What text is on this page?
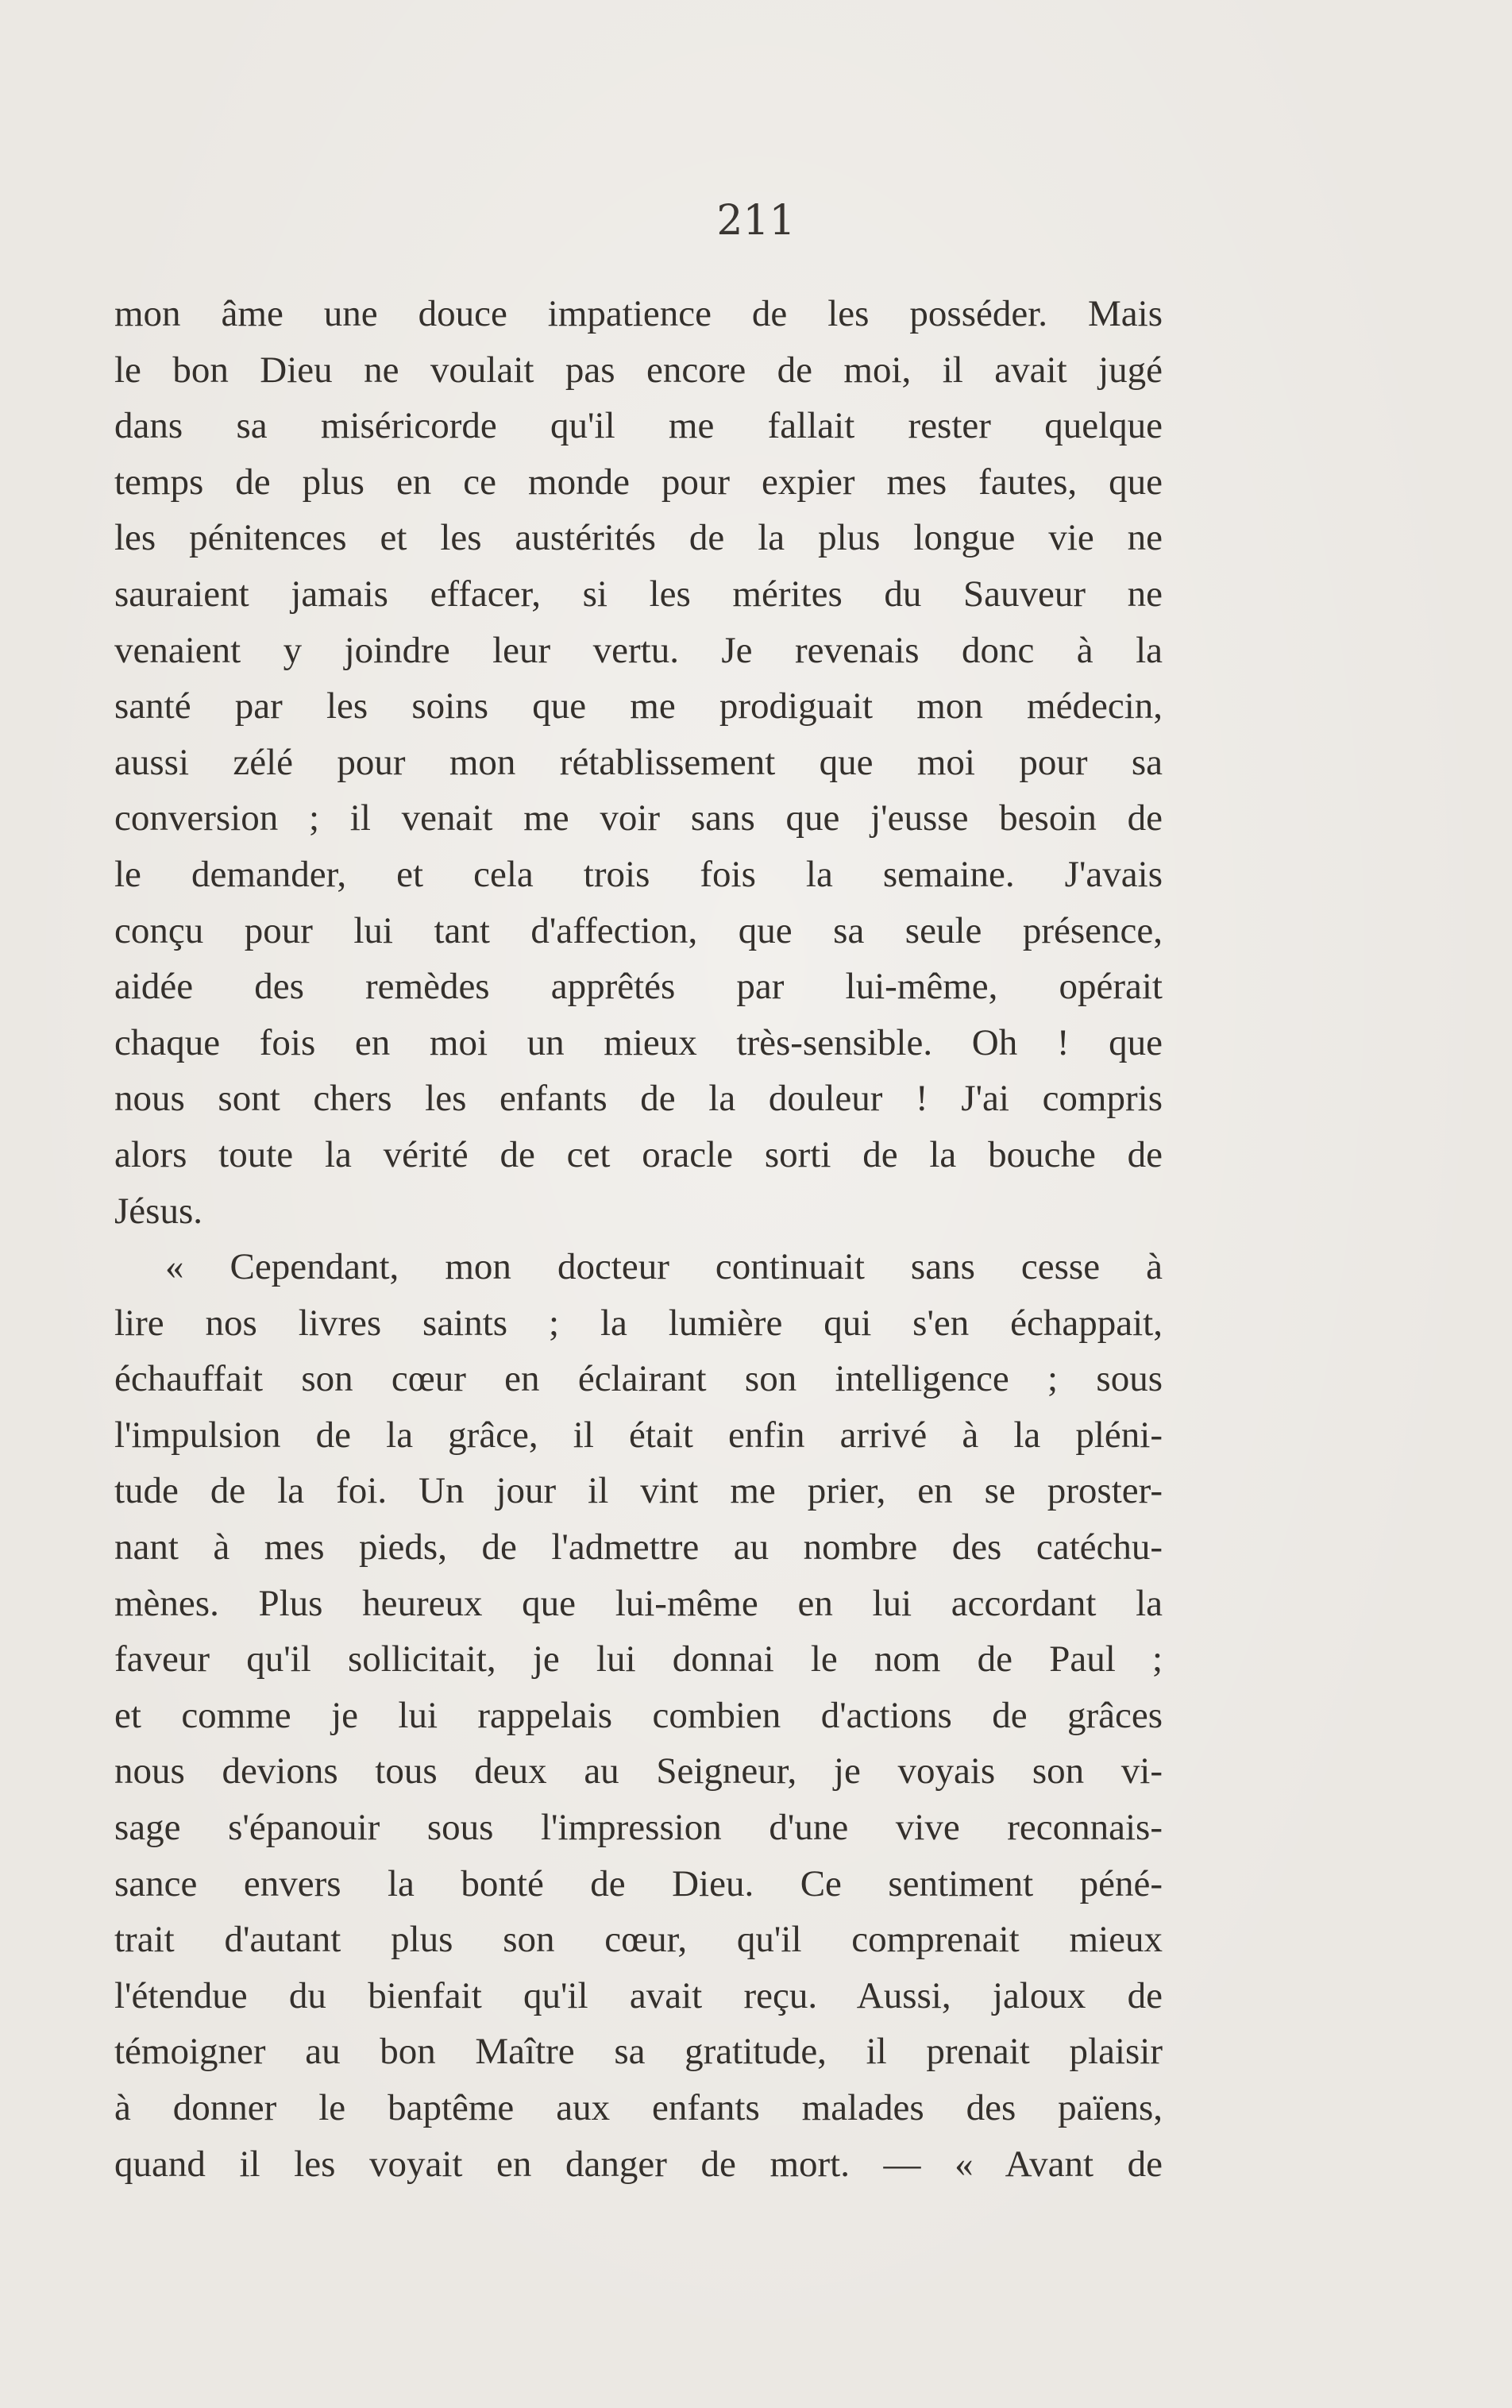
211
mon âme une douce impatience de les posséder. Mais
le bon Dieu ne voulait pas encore de moi, il avait jugé
dans sa miséricorde qu'il me fallait rester quelque
temps de plus en ce monde pour expier mes fautes, que
les pénitences et les austérités de la plus longue vie ne
sauraient jamais effacer, si les mérites du Sauveur ne
venaient y joindre leur vertu. Je revenais donc à la
santé par les soins que me prodiguait mon médecin,
aussi zélé pour mon rétablissement que moi pour sa
conversion ; il venait me voir sans que j'eusse besoin de
le demander, et cela trois fois la semaine. J'avais
conçu pour lui tant d'affection, que sa seule présence,
aidée des remèdes apprêtés par lui-même, opérait
chaque fois en moi un mieux très-sensible. Oh ! que
nous sont chers les enfants de la douleur ! J'ai compris
alors toute la vérité de cet oracle sorti de la bouche de
Jésus.
« Cependant, mon docteur continuait sans cesse à
lire nos livres saints ; la lumière qui s'en échappait,
échauffait son cœur en éclairant son intelligence ; sous
l'impulsion de la grâce, il était enfin arrivé à la pléni-
tude de la foi. Un jour il vint me prier, en se proster-
nant à mes pieds, de l'admettre au nombre des catéchu-
mènes. Plus heureux que lui-même en lui accordant la
faveur qu'il sollicitait, je lui donnai le nom de Paul ;
et comme je lui rappelais combien d'actions de grâces
nous devions tous deux au Seigneur, je voyais son vi-
sage s'épanouir sous l'impression d'une vive reconnais-
sance envers la bonté de Dieu. Ce sentiment péné-
trait d'autant plus son cœur, qu'il comprenait mieux
l'étendue du bienfait qu'il avait reçu. Aussi, jaloux de
témoigner au bon Maître sa gratitude, il prenait plaisir
à donner le baptême aux enfants malades des païens,
quand il les voyait en danger de mort. — « Avant de
